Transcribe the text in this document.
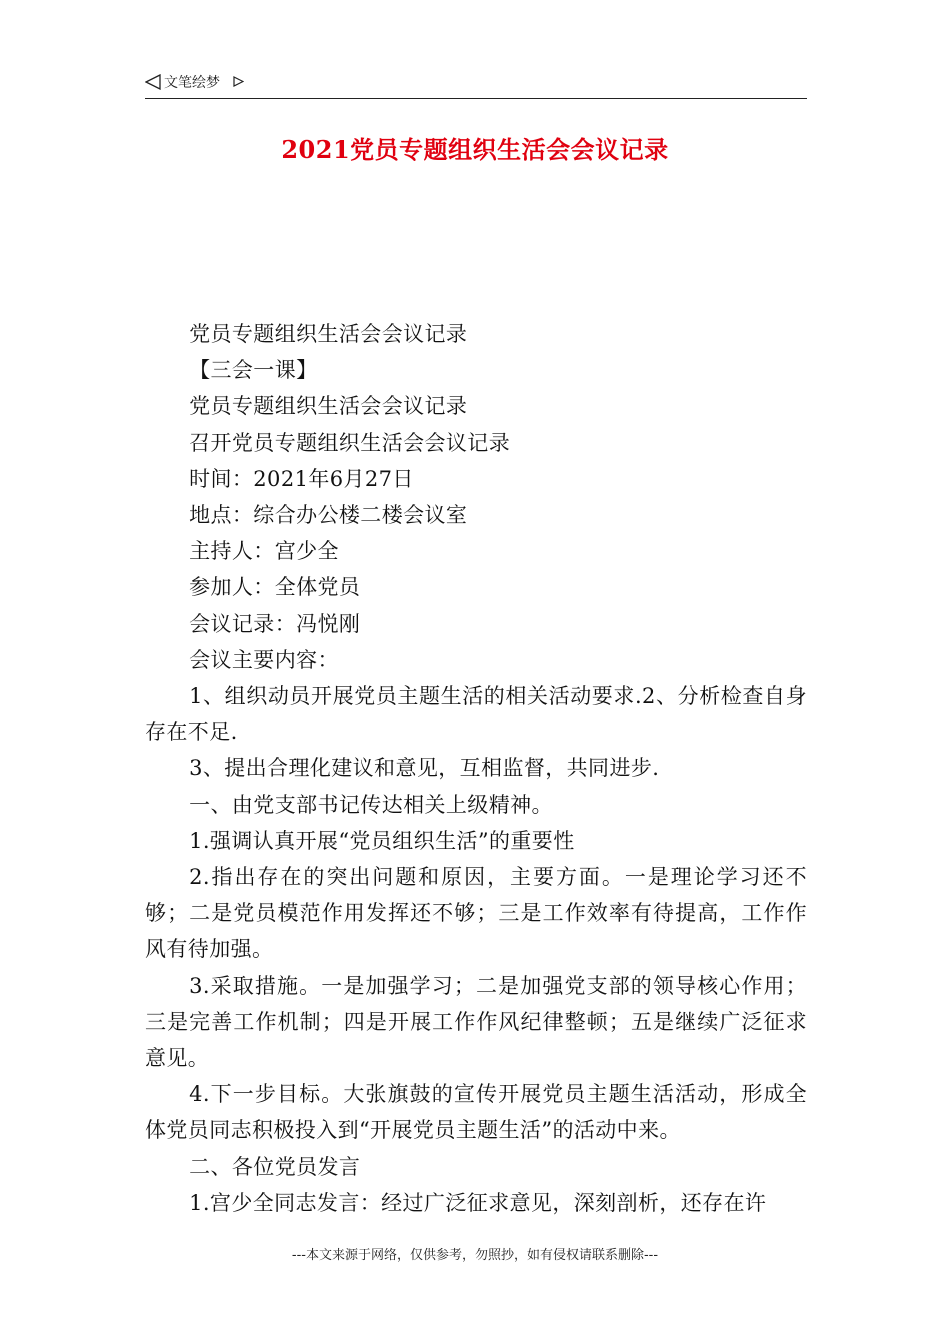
文笔绘梦
2021党员专题组织生活会会议记录

党员专题组织生活会会议记录

【三会一课】

党员专题组织生活会会议记录

召开党员专题组织生活会会议记录

时间：2021年6月27日

地点：综合办公楼二楼会议室

主持人：宫少全

参加人：全体党员

会议记录：冯悦刚

会议主要内容：

1、组织动员开展党员主题生活的相关活动要求.2、分析检查自身存在不足.

3、提出合理化建议和意见，互相监督，共同进步.

一、由党支部书记传达相关上级精神。

1.强调认真开展“党员组织生活”的重要性

2.指出存在的突出问题和原因，主要方面。一是理论学习还不够；二是党员模范作用发挥还不够；三是工作效率有待提高，工作作风有待加强。

3.采取措施。一是加强学习；二是加强党支部的领导核心作用；三是完善工作机制；四是开展工作作风纪律整顿；五是继续广泛征求意见。

4.下一步目标。大张旗鼓的宣传开展党员主题生活活动，形成全体党员同志积极投入到“开展党员主题生活”的活动中来。

二、各位党员发言

1.宫少全同志发言：经过广泛征求意见，深刻剖析，还存在许

---本文来源于网络，仅供参考，勿照抄，如有侵权请联系删除---
